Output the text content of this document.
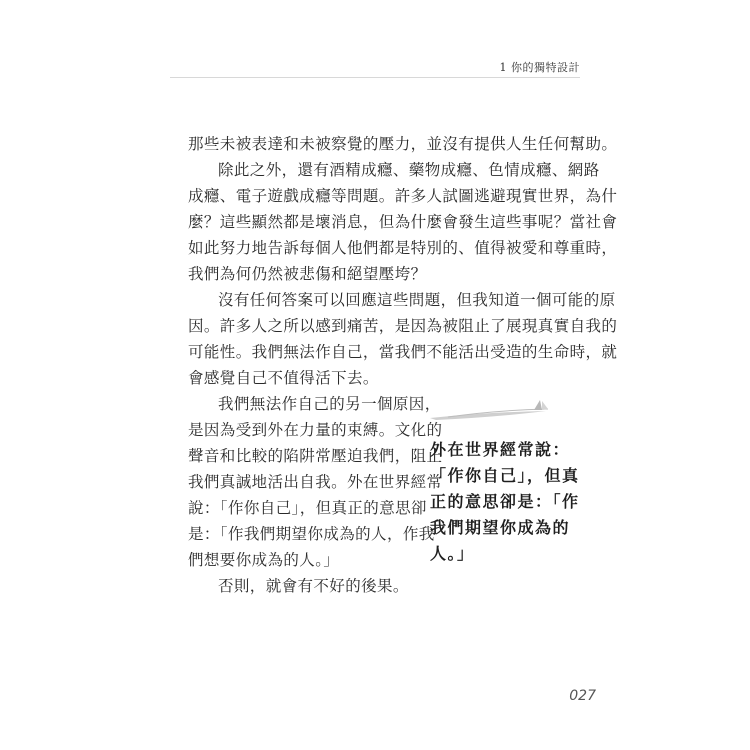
1 你的獨特設計
那些未被表達和未被察覺的壓力，並沒有提供人生任何幫助。
除此之外，還有酒精成癮、藥物成癮、色情成癮、網路
成癮、電子遊戲成癮等問題。許多人試圖逃避現實世界，為什
麼？這些顯然都是壞消息，但為什麼會發生這些事呢？當社會
如此努力地告訴每個人他們都是特別的、值得被愛和尊重時，
我們為何仍然被悲傷和絕望壓垮？
沒有任何答案可以回應這些問題，但我知道一個可能的原
因。許多人之所以感到痛苦，是因為被阻止了展現真實自我的
可能性。我們無法作自己，當我們不能活出受造的生命時，就
會感覺自己不值得活下去。
我們無法作自己的另一個原因，
是因為受到外在力量的束縛。文化的
聲音和比較的陷阱常壓迫我們，阻止
我們真誠地活出自我。外在世界經常
說：「作你自己」，但真正的意思卻
是：「作我們期望你成為的人，作我
們想要你成為的人。」
否則，就會有不好的後果。
外在世界經常說：
「作你自己」，但真
正的意思卻是：「作
我們期望你成為的
人。」
027
